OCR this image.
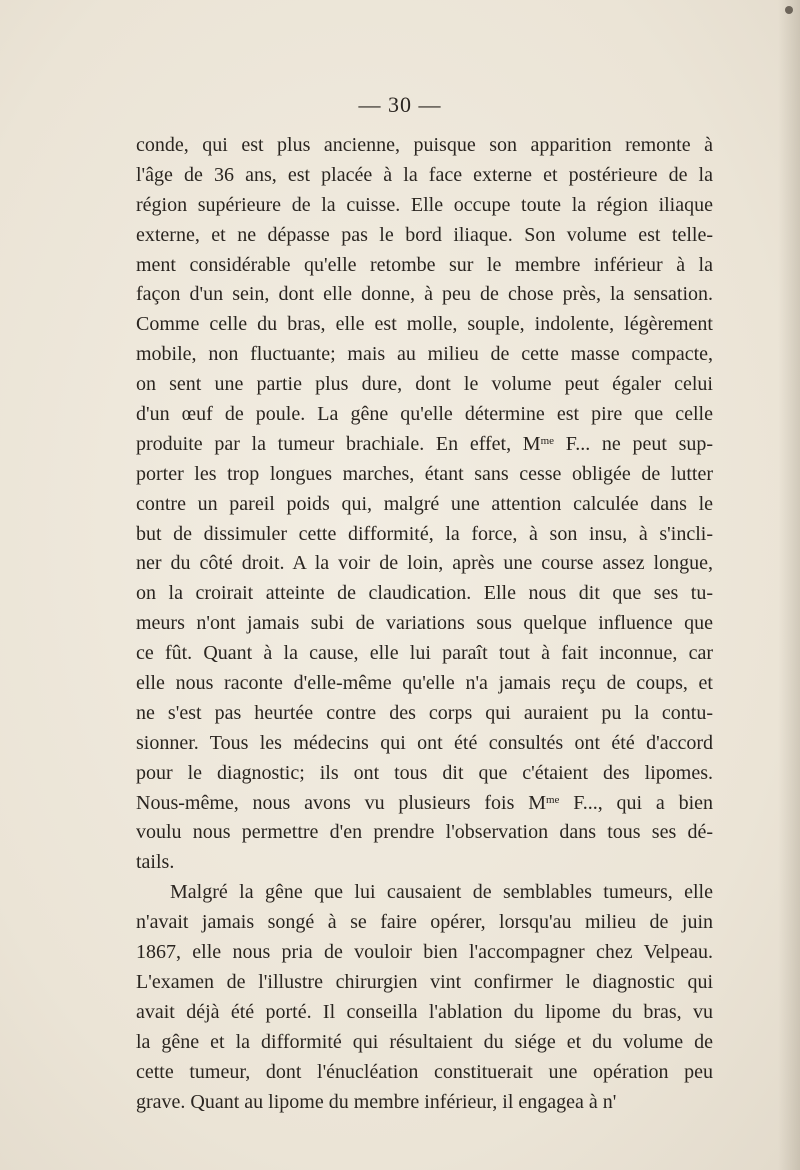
— 30 —
conde, qui est plus ancienne, puisque son apparition remonte à
l'âge de 36 ans, est placée à la face externe et postérieure de la
région supérieure de la cuisse. Elle occupe toute la région iliaque
externe, et ne dépasse pas le bord iliaque. Son volume est telle-
ment considérable qu'elle retombe sur le membre inférieur à la
façon d'un sein, dont elle donne, à peu de chose près, la sensation.
Comme celle du bras, elle est molle, souple, indolente, légèrement
mobile, non fluctuante; mais au milieu de cette masse compacte,
on sent une partie plus dure, dont le volume peut égaler celui
d'un œuf de poule. La gêne qu'elle détermine est pire que celle
produite par la tumeur brachiale. En effet, $M^{me}$ F... ne peut sup-
porter les trop longues marches, étant sans cesse obligée de lutter
contre un pareil poids qui, malgré une attention calculée dans le
but de dissimuler cette difformité, la force, à son insu, à s'incli-
ner du côté droit. A la voir de loin, après une course assez longue,
on la croirait atteinte de claudication. Elle nous dit que ses tu-
meurs n'ont jamais subi de variations sous quelque influence que
ce fût. Quant à la cause, elle lui paraît tout à fait inconnue, car
elle nous raconte d'elle-même qu'elle n'a jamais reçu de coups, et
ne s'est pas heurtée contre des corps qui auraient pu la contu-
sionner. Tous les médecins qui ont été consultés ont été d'accord
pour le diagnostic; ils ont tous dit que c'étaient des lipomes.
Nous-même, nous avons vu plusieurs fois $M^{me}$ F..., qui a bien
voulu nous permettre d'en prendre l'observation dans tous ses dé-
tails.
Malgré la gêne que lui causaient de semblables tumeurs, elle
n'avait jamais songé à se faire opérer, lorsqu'au milieu de juin
1867, elle nous pria de vouloir bien l'accompagner chez Velpeau.
L'examen de l'illustre chirurgien vint confirmer le diagnostic qui
avait déjà été porté. Il conseilla l'ablation du lipome du bras, vu
la gêne et la difformité qui résultaient du siége et du volume de
cette tumeur, dont l'énucléation constituerait une opération peu
grave. Quant au lipome du membre inférieur, il engagea à n'
